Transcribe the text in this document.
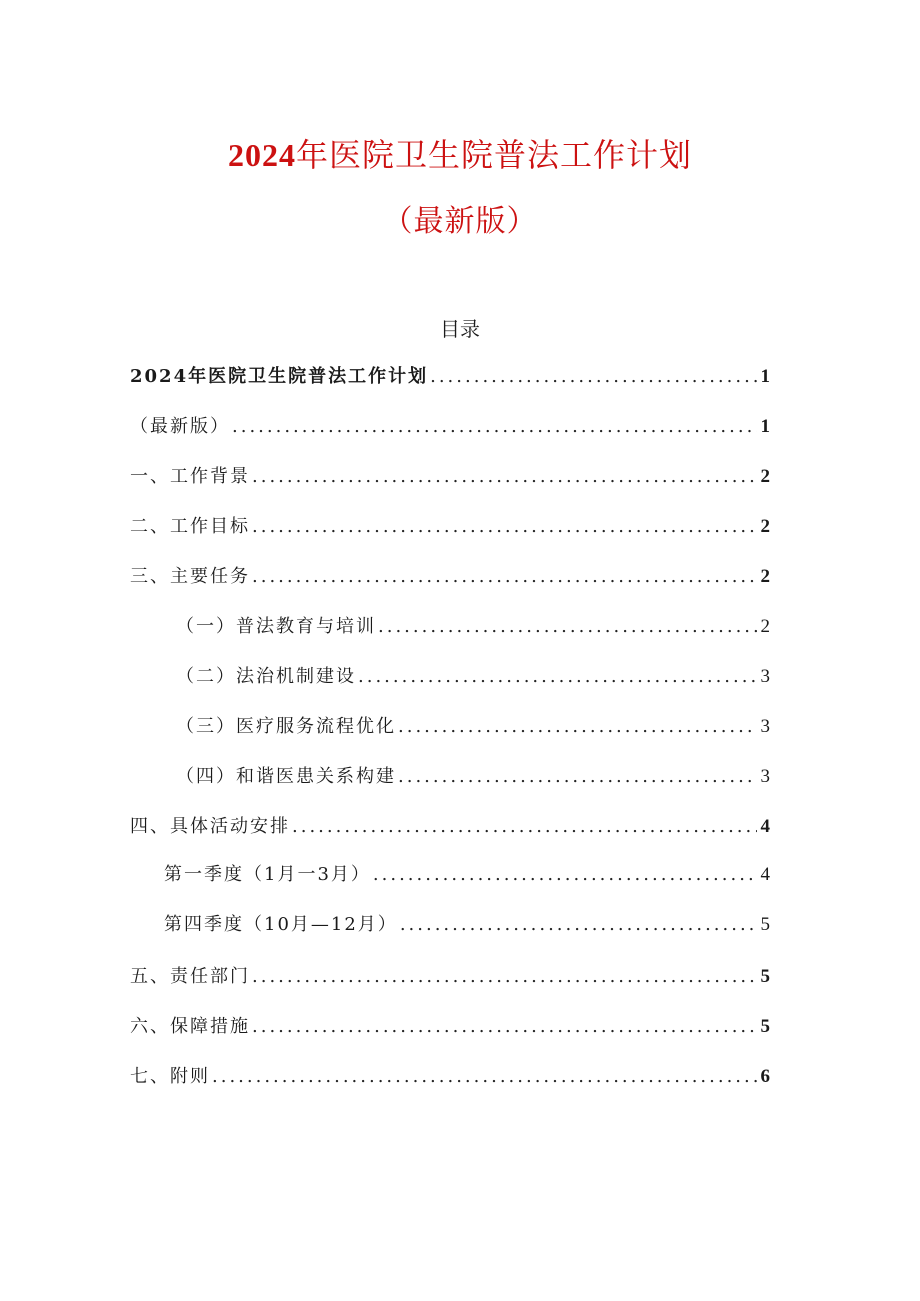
2024年医院卫生院普法工作计划
（最新版）
目录
2024年医院卫生院普法工作计划 .....	1
（最新版） .....	1
一、工作背景 .....	2
二、工作目标 .....	2
三、主要任务 .....	2
（一）普法教育与培训 .....	2
（二）法治机制建设 .....	3
（三）医疗服务流程优化 .....	3
（四）和谐医患关系构建 .....	3
四、具体活动安排 .....	4
第一季度（1月一3月） .....	4
第四季度（10月—12月） .....	5
五、责任部门 .....	5
六、保障措施 .....	5
七、附则 .....	6
